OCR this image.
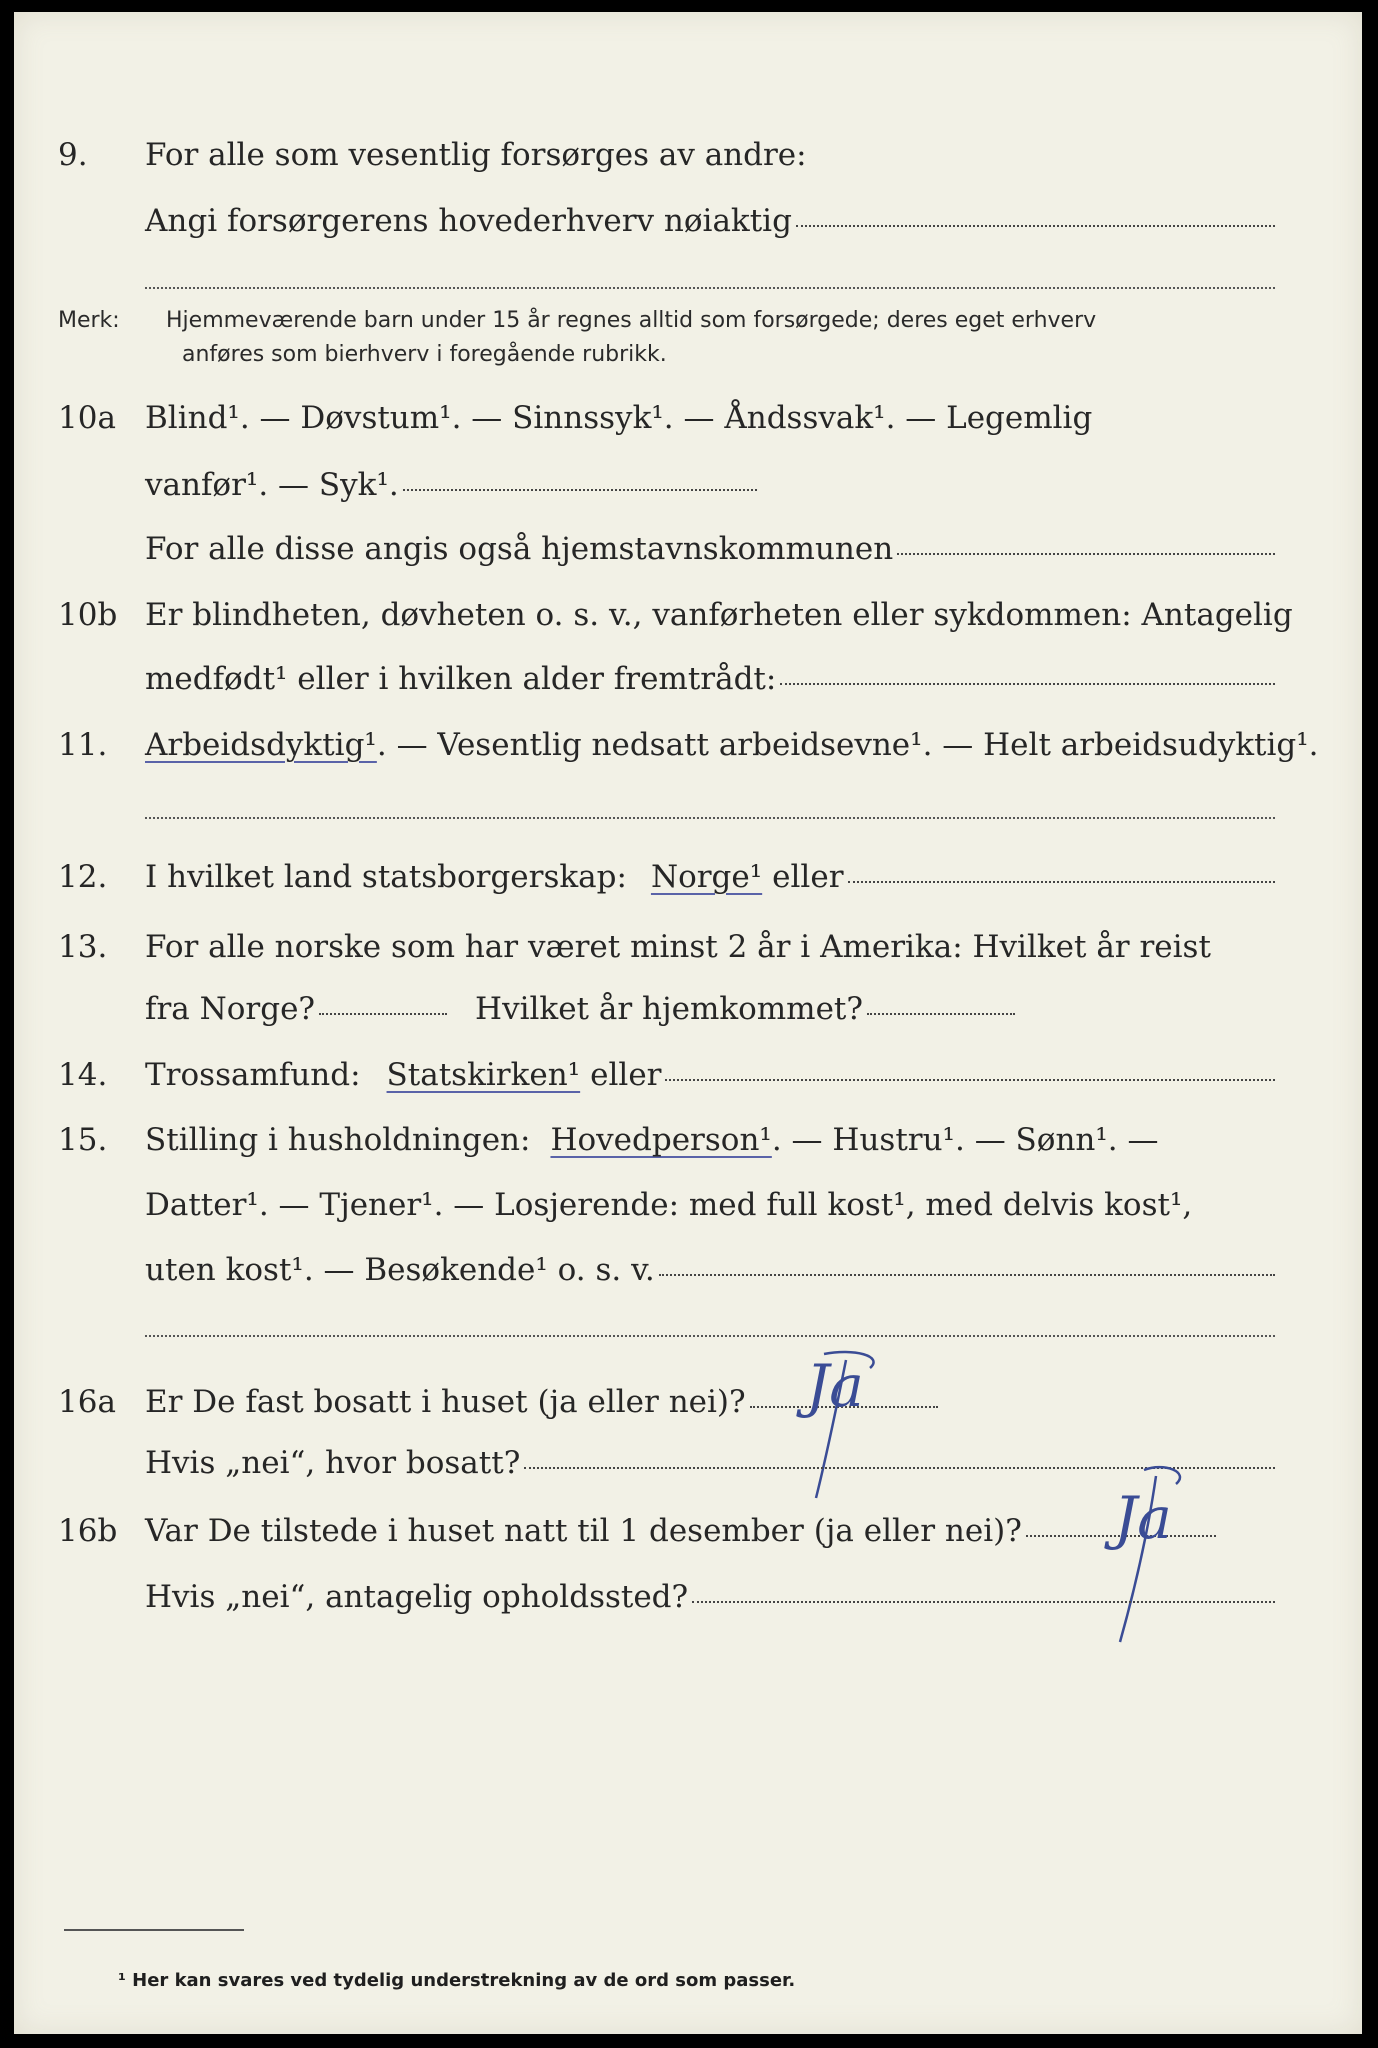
9. For alle som vesentlig forsørges av andre:
Angi forsørgerens hovederhverv nøiaktig
Merk: Hjemmeværende barn under 15 år regnes alltid som forsørgede; deres eget erhverv
anføres som bierhverv i foregående rubrikk.
10a Blind¹. — Døvstum¹. — Sinnssyk¹. — Åndssvak¹. — Legemlig
vanfør¹. — Syk¹.
For alle disse angis også hjemstavnskommunen
10b Er blindheten, døvheten o. s. v., vanførheten eller sykdommen: Antagelig
medfødt¹ eller i hvilken alder fremtrådt:
11. Arbeidsdyktig¹ . — Vesentlig nedsatt arbeidsevne¹. — Helt arbeidsudyktig¹.
12. I hvilket land statsborgerskap: Norge¹ eller
13. For alle norske som har været minst 2 år i Amerika: Hvilket år reist
fra Norge?	Hvilket år hjemkommet?
14. Trossamfund: Statskirken¹ eller
15. Stilling i husholdningen: Hovedperson¹ . — Hustru¹. — Sønn¹. —
Datter¹. — Tjener¹. — Losjerende: med full kost¹, med delvis kost¹,
uten kost¹. — Besøkende¹ o. s. v.
16a Er De fast bosatt i huset (ja eller nei)? Ja
Hvis „nei“, hvor bosatt?
16b Var De tilstede i huset natt til 1 desember (ja eller nei)? Ja
Hvis „nei“, antagelig opholdssted?
¹ Her kan svares ved tydelig understrekning av de ord som passer.
